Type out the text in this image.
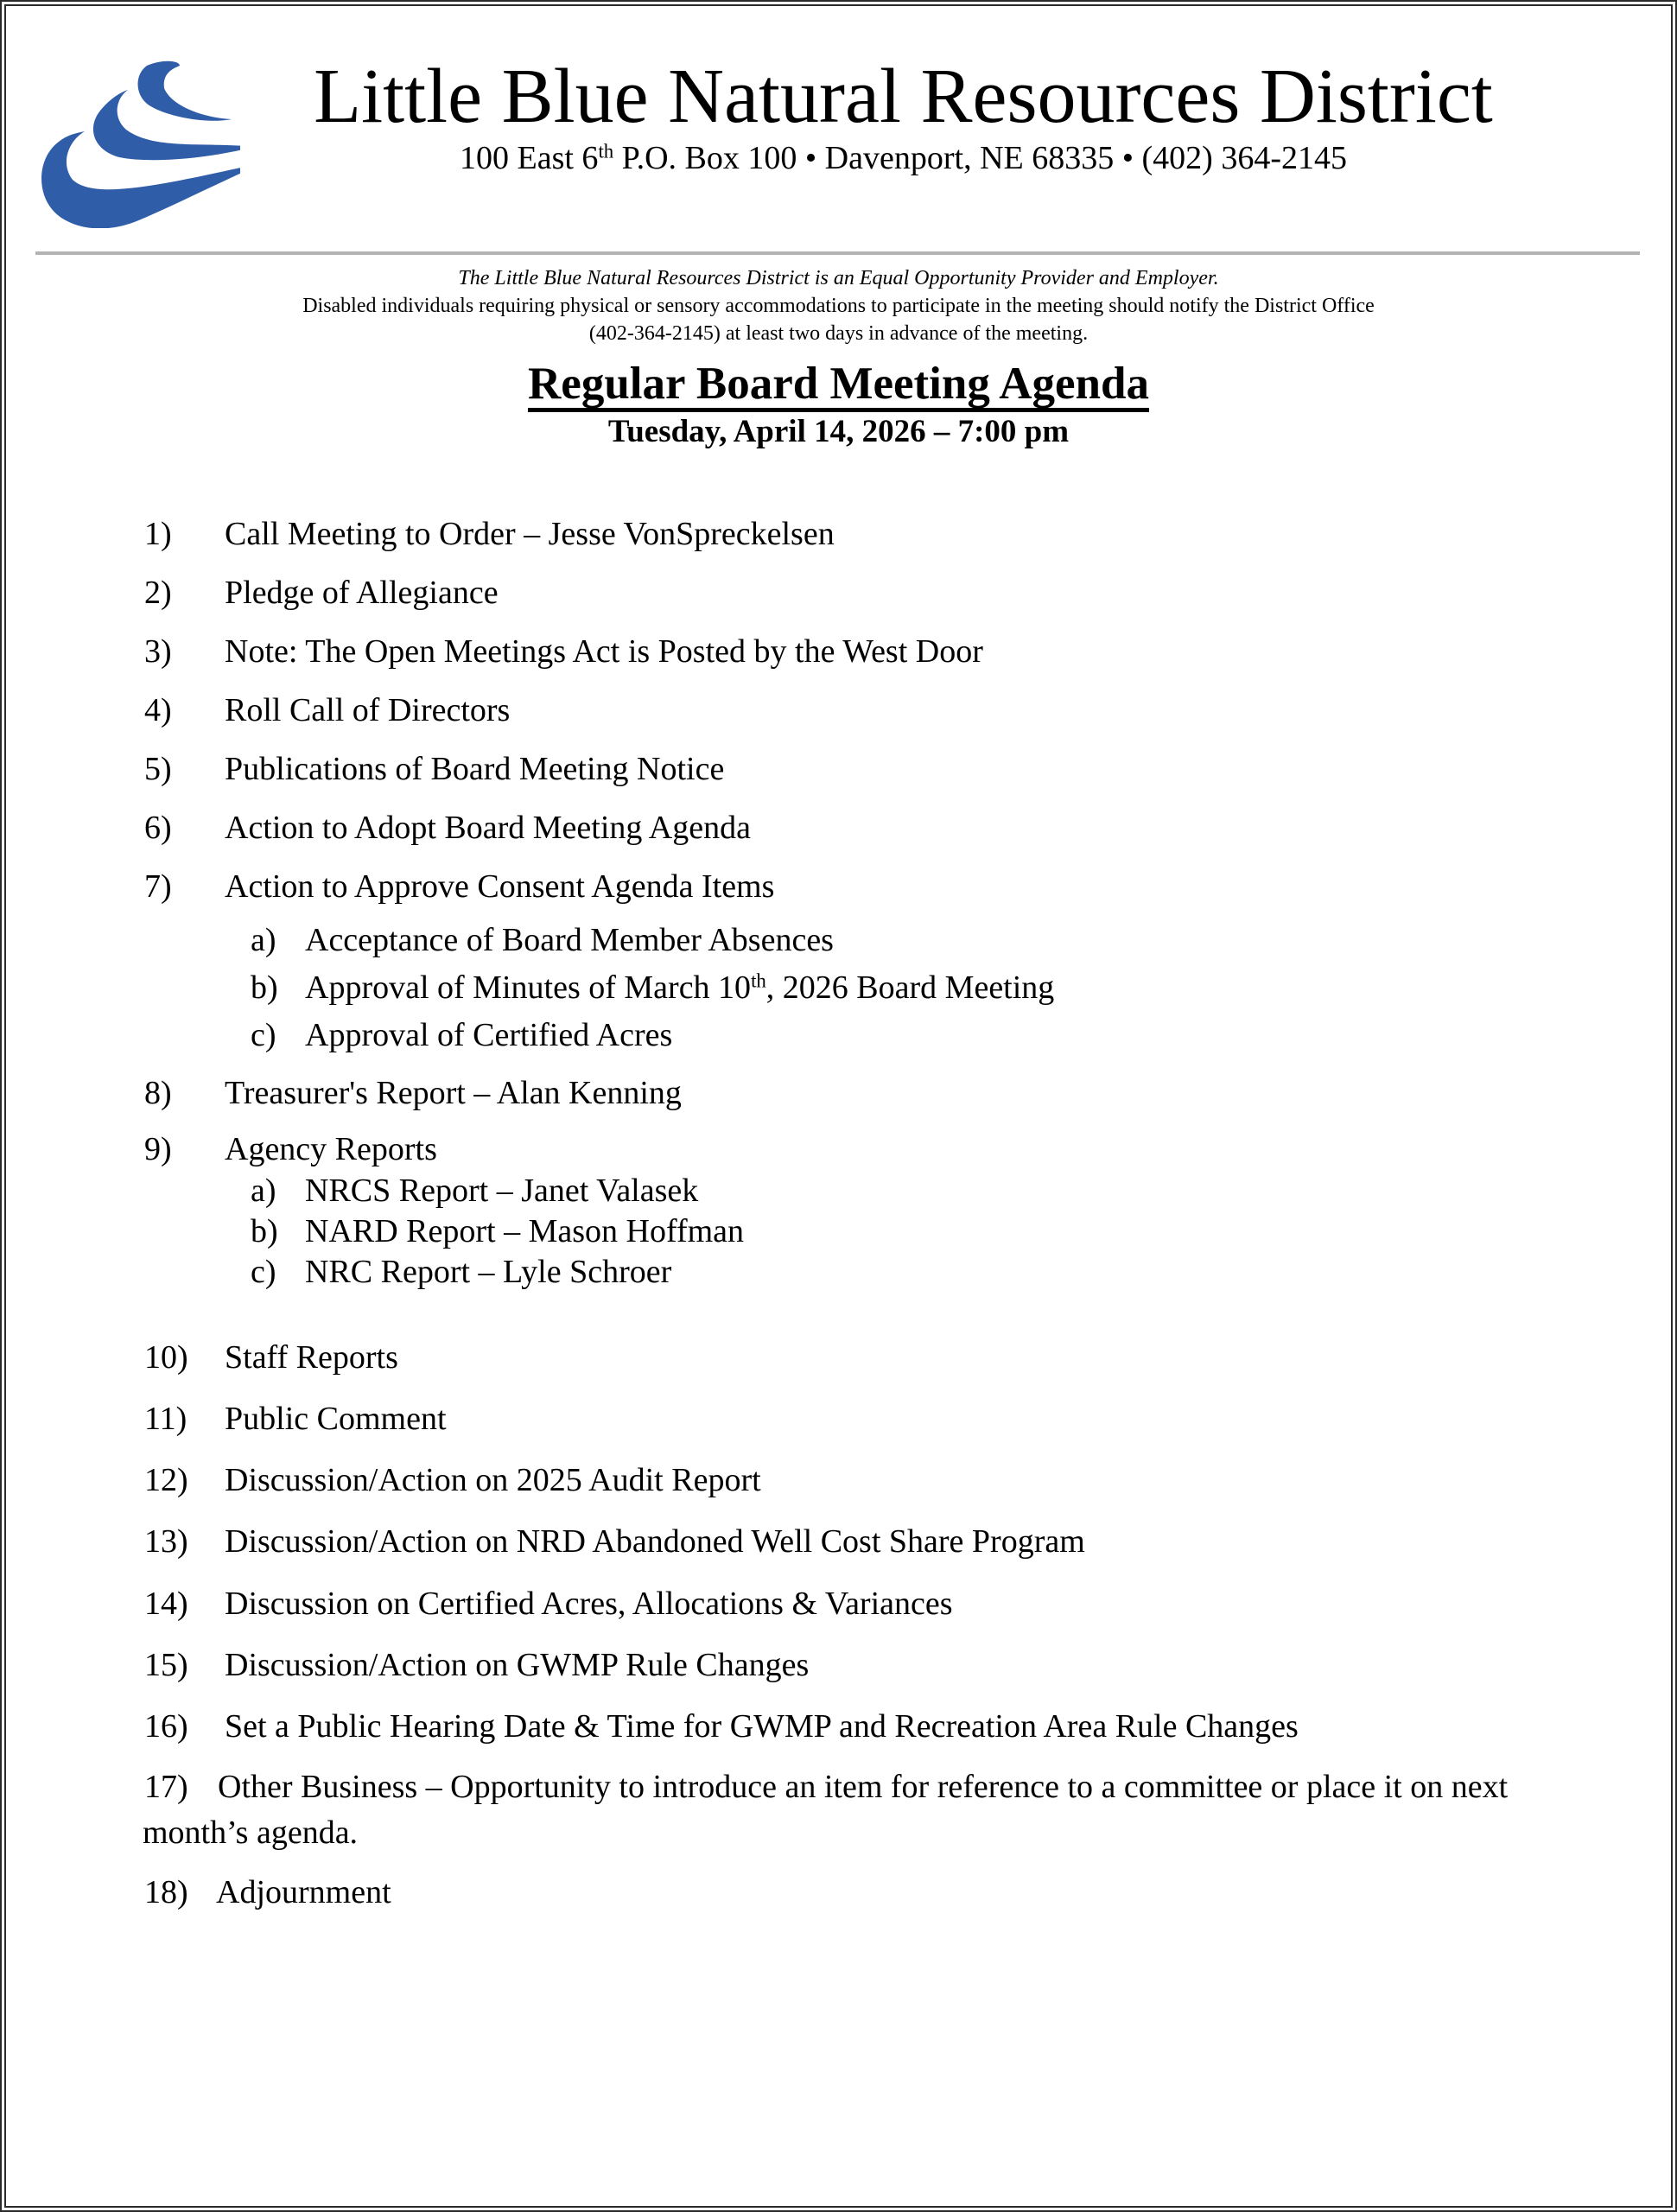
Little Blue Natural Resources District
100 East 6th P.O. Box 100 • Davenport, NE 68335 • (402) 364-2145
The Little Blue Natural Resources District is an Equal Opportunity Provider and Employer.
Disabled individuals requiring physical or sensory accommodations to participate in the meeting should notify the District Office
(402-364-2145) at least two days in advance of the meeting.
Regular Board Meeting Agenda
Tuesday, April 14, 2026 – 7:00 pm
1) Call Meeting to Order – Jesse VonSpreckelsen
2) Pledge of Allegiance
3) Note: The Open Meetings Act is Posted by the West Door
4) Roll Call of Directors
5) Publications of Board Meeting Notice
6) Action to Adopt Board Meeting Agenda
7) Action to Approve Consent Agenda Items
a) Acceptance of Board Member Absences
b) Approval of Minutes of March 10th, 2026 Board Meeting
c) Approval of Certified Acres
8) Treasurer's Report – Alan Kenning
9) Agency Reports
a) NRCS Report – Janet Valasek
b) NARD Report – Mason Hoffman
c) NRC Report – Lyle Schroer
10) Staff Reports
11) Public Comment
12) Discussion/Action on 2025 Audit Report
13) Discussion/Action on NRD Abandoned Well Cost Share Program
14) Discussion on Certified Acres, Allocations & Variances
15) Discussion/Action on GWMP Rule Changes
16) Set a Public Hearing Date & Time for GWMP and Recreation Area Rule Changes
17) Other Business – Opportunity to introduce an item for reference to a committee or place it on next
month’s agenda.
18) Adjournment
